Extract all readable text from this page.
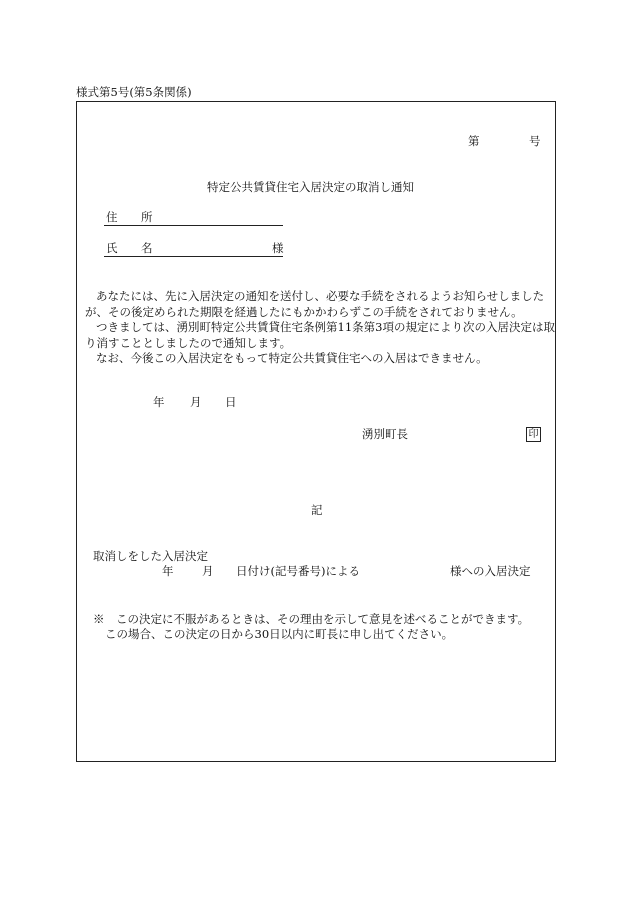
様式第5号(第5条関係)
第	号
特定公共賃貸住宅入居決定の取消し通知
住 所
氏 名	様
あなたには、先に入居決定の通知を送付し、必要な手続をされるようお知らせしましたが、その後定められた期限を経過したにもかかわらずこの手続をされておりません。
つきましては、湧別町特定公共賃貸住宅条例第11条第3項の規定により次の入居決定は取り消すこととしましたので通知します。
なお、今後この入居決定をもって特定公共賃貸住宅への入居はできません。
年 月 日
湧別町長	印
記
取消しをした入居決定
年 月 日付け(記号番号)による	様への入居決定
※　この決定に不服があるときは、その理由を示して意見を述べることができます。
この場合、この決定の日から30日以内に町長に申し出てください。
